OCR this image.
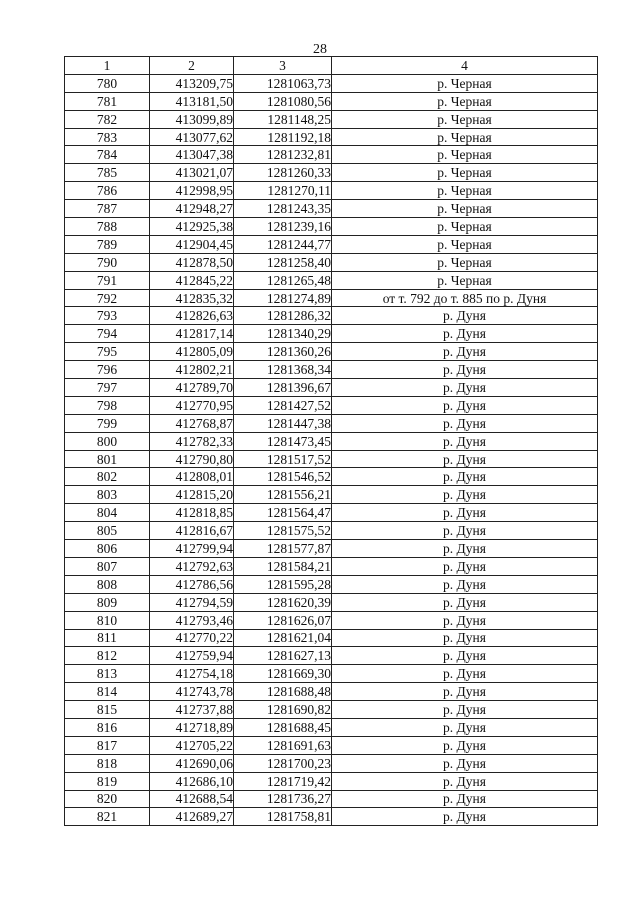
28
1	2	3	4
780	413209,75	1281063,73	р. Черная
781	413181,50	1281080,56	р. Черная
782	413099,89	1281148,25	р. Черная
783	413077,62	1281192,18	р. Черная
784	413047,38	1281232,81	р. Черная
785	413021,07	1281260,33	р. Черная
786	412998,95	1281270,11	р. Черная
787	412948,27	1281243,35	р. Черная
788	412925,38	1281239,16	р. Черная
789	412904,45	1281244,77	р. Черная
790	412878,50	1281258,40	р. Черная
791	412845,22	1281265,48	р. Черная
792	412835,32	1281274,89	от т. 792 до т. 885 по р. Дуня
793	412826,63	1281286,32	р. Дуня
794	412817,14	1281340,29	р. Дуня
795	412805,09	1281360,26	р. Дуня
796	412802,21	1281368,34	р. Дуня
797	412789,70	1281396,67	р. Дуня
798	412770,95	1281427,52	р. Дуня
799	412768,87	1281447,38	р. Дуня
800	412782,33	1281473,45	р. Дуня
801	412790,80	1281517,52	р. Дуня
802	412808,01	1281546,52	р. Дуня
803	412815,20	1281556,21	р. Дуня
804	412818,85	1281564,47	р. Дуня
805	412816,67	1281575,52	р. Дуня
806	412799,94	1281577,87	р. Дуня
807	412792,63	1281584,21	р. Дуня
808	412786,56	1281595,28	р. Дуня
809	412794,59	1281620,39	р. Дуня
810	412793,46	1281626,07	р. Дуня
811	412770,22	1281621,04	р. Дуня
812	412759,94	1281627,13	р. Дуня
813	412754,18	1281669,30	р. Дуня
814	412743,78	1281688,48	р. Дуня
815	412737,88	1281690,82	р. Дуня
816	412718,89	1281688,45	р. Дуня
817	412705,22	1281691,63	р. Дуня
818	412690,06	1281700,23	р. Дуня
819	412686,10	1281719,42	р. Дуня
820	412688,54	1281736,27	р. Дуня
821	412689,27	1281758,81	р. Дуня
